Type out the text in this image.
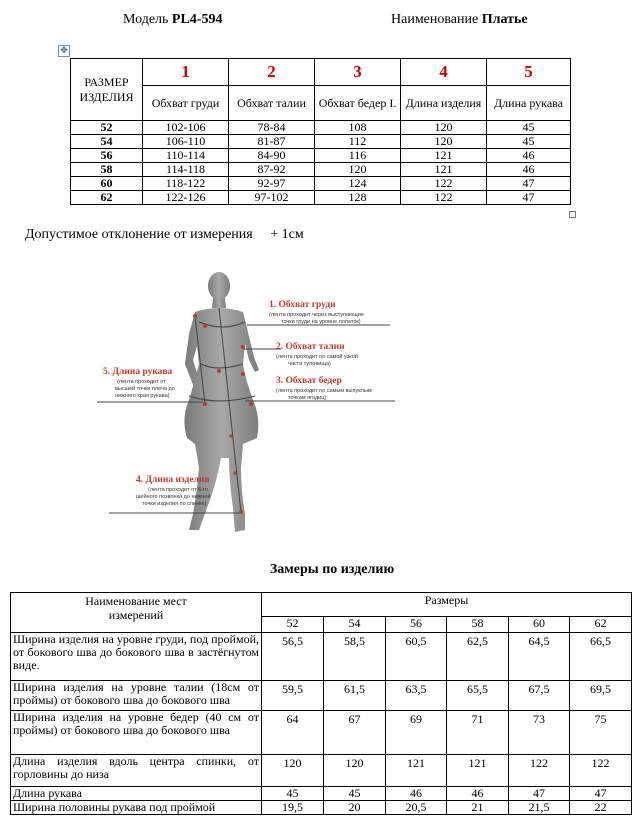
Модель PL4-594	Наименование Платье
✥
РАЗМЕР ИЗДЕЛИЯ	1	2	3	4	5
	Обхват груди	Обхват талии	Обхват бедер I.	Длина изделия	Длина рукава
52	102-106	78-84	108	120	45
54	106-110	81-87	112	120	45
56	110-114	84-90	116	121	46
58	114-118	87-92	120	121	46
60	118-122	92-97	124	122	47
62	122-126	97-102	128	122	47
Допустимое отклонение от измерения + 1см
1. Обхват груди
(лента проходит через выступающие
точки груди на уровне лопаток)
2. Обхват талии
(лента проходит по самой узкой
части туловища)
3. Обхват бедер
(лента проходит по самым выпуклым
точкам ягодиц)
4. Длина изделия
(лента проходит от 6-го
шейного позвонка до нижней
точки изделия по спинке)
5. Длина рукава
(лента проходит от
высшей точки плеча до
нижнего края рукава)
Замеры по изделию
Наименование мест измерений	Размеры					
	52	54	56	58	60	62
Ширина изделия на уровне груди, под проймой, от бокового шва до бокового шва в застёгнутом виде.	56,5	58,5	60,5	62,5	64,5	66,5
Ширина изделия на уровне талии (18см от проймы) от бокового шва до бокового шва	59,5	61,5	63,5	65,5	67,5	69,5
Ширина изделия на уровне бедер (40 см от проймы) от бокового шва до бокового шва	64	67	69	71	73	75
Длина изделия вдоль центра спинки, от горловины до низа	120	120	121	121	122	122
Длина рукава	45	45	46	46	47	47
Ширина половины рукава под проймой	19,5	20	20,5	21	21,5	22
